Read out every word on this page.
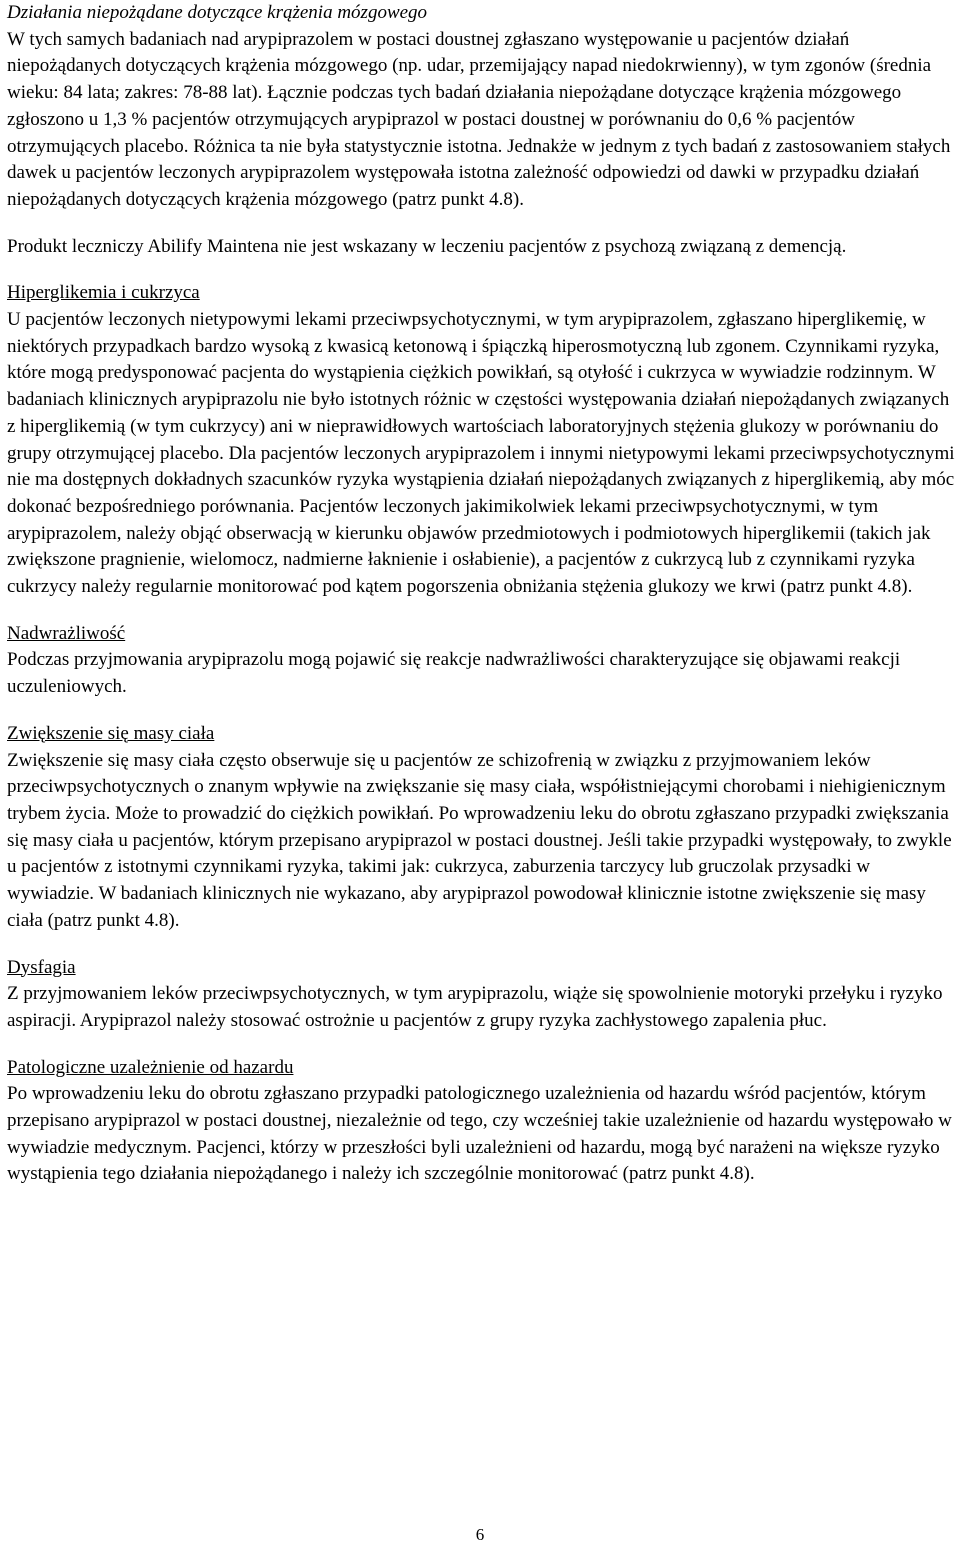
Działania niepożądane dotyczące krążenia mózgowego

W tych samych badaniach nad arypiprazolem w postaci doustnej zgłaszano występowanie u pacjentów działań niepożądanych dotyczących krążenia mózgowego (np. udar, przemijający napad niedokrwienny), w tym zgonów (średnia wieku: 84 lata; zakres: 78-88 lat). Łącznie podczas tych badań działania niepożądane dotyczące krążenia mózgowego zgłoszono u 1,3 % pacjentów otrzymujących arypiprazol w postaci doustnej w porównaniu do 0,6 % pacjentów otrzymujących placebo. Różnica ta nie była statystycznie istotna. Jednakże w jednym z tych badań z zastosowaniem stałych dawek u pacjentów leczonych arypiprazolem występowała istotna zależność odpowiedzi od dawki w przypadku działań niepożądanych dotyczących krążenia mózgowego (patrz punkt 4.8).

Produkt leczniczy Abilify Maintena nie jest wskazany w leczeniu pacjentów z psychozą związaną z demencją.

Hiperglikemia i cukrzyca

U pacjentów leczonych nietypowymi lekami przeciwpsychotycznymi, w tym arypiprazolem, zgłaszano hiperglikemię, w niektórych przypadkach bardzo wysoką z kwasicą ketonową i śpiączką hiperosmotyczną lub zgonem. Czynnikami ryzyka, które mogą predysponować pacjenta do wystąpienia ciężkich powikłań, są otyłość i cukrzyca w wywiadzie rodzinnym. W badaniach klinicznych arypiprazolu nie było istotnych różnic w częstości występowania działań niepożądanych związanych z hiperglikemią (w tym cukrzycy) ani w nieprawidłowych wartościach laboratoryjnych stężenia glukozy w porównaniu do grupy otrzymującej placebo. Dla pacjentów leczonych arypiprazolem i innymi nietypowymi lekami przeciwpsychotycznymi nie ma dostępnych dokładnych szacunków ryzyka wystąpienia działań niepożądanych związanych z hiperglikemią, aby móc dokonać bezpośredniego porównania. Pacjentów leczonych jakimikolwiek lekami przeciwpsychotycznymi, w tym arypiprazolem, należy objąć obserwacją w kierunku objawów przedmiotowych i podmiotowych hiperglikemii (takich jak zwiększone pragnienie, wielomocz, nadmierne łaknienie i osłabienie), a pacjentów z cukrzycą lub z czynnikami ryzyka cukrzycy należy regularnie monitorować pod kątem pogorszenia obniżania stężenia glukozy we krwi (patrz punkt 4.8).

Nadwrażliwość

Podczas przyjmowania arypiprazolu mogą pojawić się reakcje nadwrażliwości charakteryzujące się objawami reakcji uczuleniowych.

Zwiększenie się masy ciała

Zwiększenie się masy ciała często obserwuje się u pacjentów ze schizofrenią w związku z przyjmowaniem leków przeciwpsychotycznych o znanym wpływie na zwiększanie się masy ciała, współistniejącymi chorobami i niehigienicznym trybem życia. Może to prowadzić do ciężkich powikłań. Po wprowadzeniu leku do obrotu zgłaszano przypadki zwiększania się masy ciała u pacjentów, którym przepisano arypiprazol w postaci doustnej. Jeśli takie przypadki występowały, to zwykle u pacjentów z istotnymi czynnikami ryzyka, takimi jak: cukrzyca, zaburzenia tarczycy lub gruczolak przysadki w wywiadzie. W badaniach klinicznych nie wykazano, aby arypiprazol powodował klinicznie istotne zwiększenie się masy ciała (patrz punkt 4.8).

Dysfagia

Z przyjmowaniem leków przeciwpsychotycznych, w tym arypiprazolu, wiąże się spowolnienie motoryki przełyku i ryzyko aspiracji. Arypiprazol należy stosować ostrożnie u pacjentów z grupy ryzyka zachłystowego zapalenia płuc.

Patologiczne uzależnienie od hazardu

Po wprowadzeniu leku do obrotu zgłaszano przypadki patologicznego uzależnienia od hazardu wśród pacjentów, którym przepisano arypiprazol w postaci doustnej, niezależnie od tego, czy wcześniej takie uzależnienie od hazardu występowało w wywiadzie medycznym. Pacjenci, którzy w przeszłości byli uzależnieni od hazardu, mogą być narażeni na większe ryzyko wystąpienia tego działania niepożądanego i należy ich szczególnie monitorować (patrz punkt 4.8).

6
